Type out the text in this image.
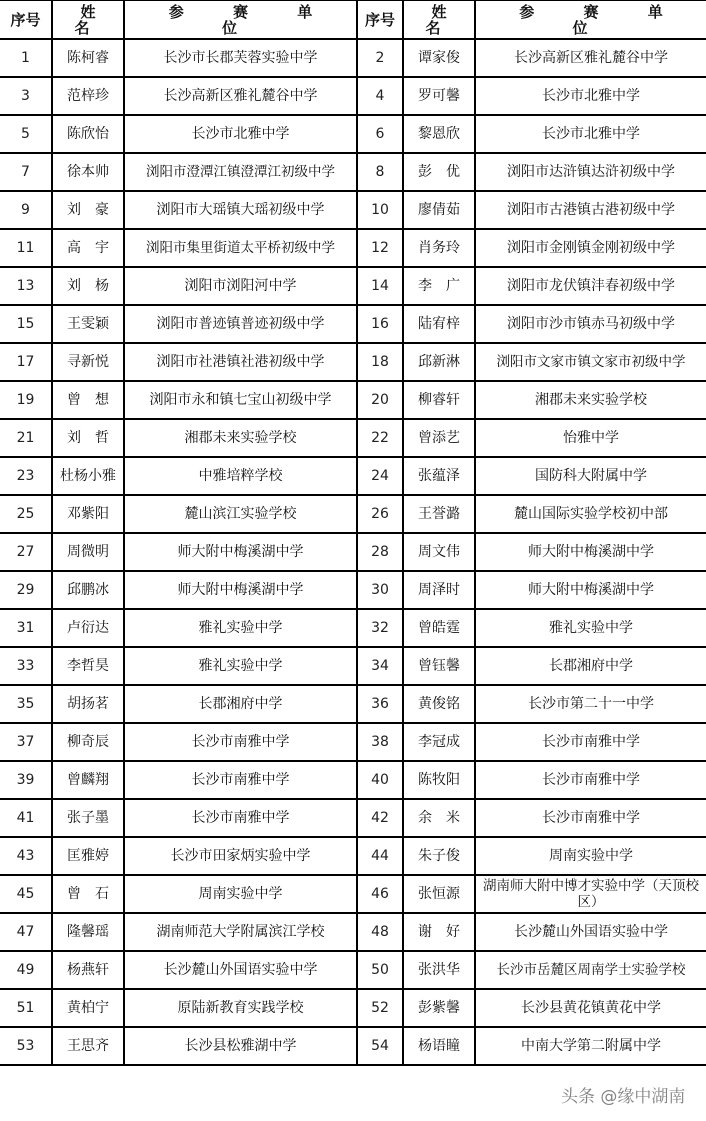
序号	姓 名	参 赛 单 位	序号	姓 名	参 赛 单 位
1	陈柯睿	长沙市长郡芙蓉实验中学	2	谭家俊	长沙高新区雅礼麓谷中学
3	范梓珍	长沙高新区雅礼麓谷中学	4	罗可馨	长沙市北雅中学
5	陈欣怡	长沙市北雅中学	6	黎恩欣	长沙市北雅中学
7	徐本帅	浏阳市澄潭江镇澄潭江初级中学	8	彭　优	浏阳市达浒镇达浒初级中学
9	刘　豪	浏阳市大瑶镇大瑶初级中学	10	廖倩茹	浏阳市古港镇古港初级中学
11	高　宇	浏阳市集里街道太平桥初级中学	12	肖务玲	浏阳市金刚镇金刚初级中学
13	刘　杨	浏阳市浏阳河中学	14	李　广	浏阳市龙伏镇沣春初级中学
15	王雯颖	浏阳市普迹镇普迹初级中学	16	陆宥梓	浏阳市沙市镇赤马初级中学
17	寻新悦	浏阳市社港镇社港初级中学	18	邱新淋	浏阳市文家市镇文家市初级中学
19	曾　想	浏阳市永和镇七宝山初级中学	20	柳睿轩	湘郡未来实验学校
21	刘　哲	湘郡未来实验学校	22	曾添艺	怡雅中学
23	杜杨小雅	中雅培粹学校	24	张蕴泽	国防科大附属中学
25	邓紫阳	麓山滨江实验学校	26	王誉潞	麓山国际实验学校初中部
27	周微明	师大附中梅溪湖中学	28	周文伟	师大附中梅溪湖中学
29	邱鹏冰	师大附中梅溪湖中学	30	周泽时	师大附中梅溪湖中学
31	卢衍达	雅礼实验中学	32	曾皓霆	雅礼实验中学
33	李哲昊	雅礼实验中学	34	曾钰馨	长郡湘府中学
35	胡扬茗	长郡湘府中学	36	黄俊铭	长沙市第二十一中学
37	柳奇辰	长沙市南雅中学	38	李冠成	长沙市南雅中学
39	曾麟翔	长沙市南雅中学	40	陈牧阳	长沙市南雅中学
41	张子墨	长沙市南雅中学	42	余　米	长沙市南雅中学
43	匡雅婷	长沙市田家炳实验中学	44	朱子俊	周南实验中学
45	曾　石	周南实验中学	46	张恒源	湖南师大附中博才实验中学（天顶校区）
47	隆馨瑶	湖南师范大学附属滨江学校	48	谢　好	长沙麓山外国语实验中学
49	杨燕轩	长沙麓山外国语实验中学	50	张洪华	长沙市岳麓区周南学士实验学校
51	黄柏宁	原陆新教育实践学校	52	彭紫馨	长沙县黄花镇黄花中学
53	王思齐	长沙县松雅湖中学	54	杨语瞳	中南大学第二附属中学
头条 @缘中湖南
